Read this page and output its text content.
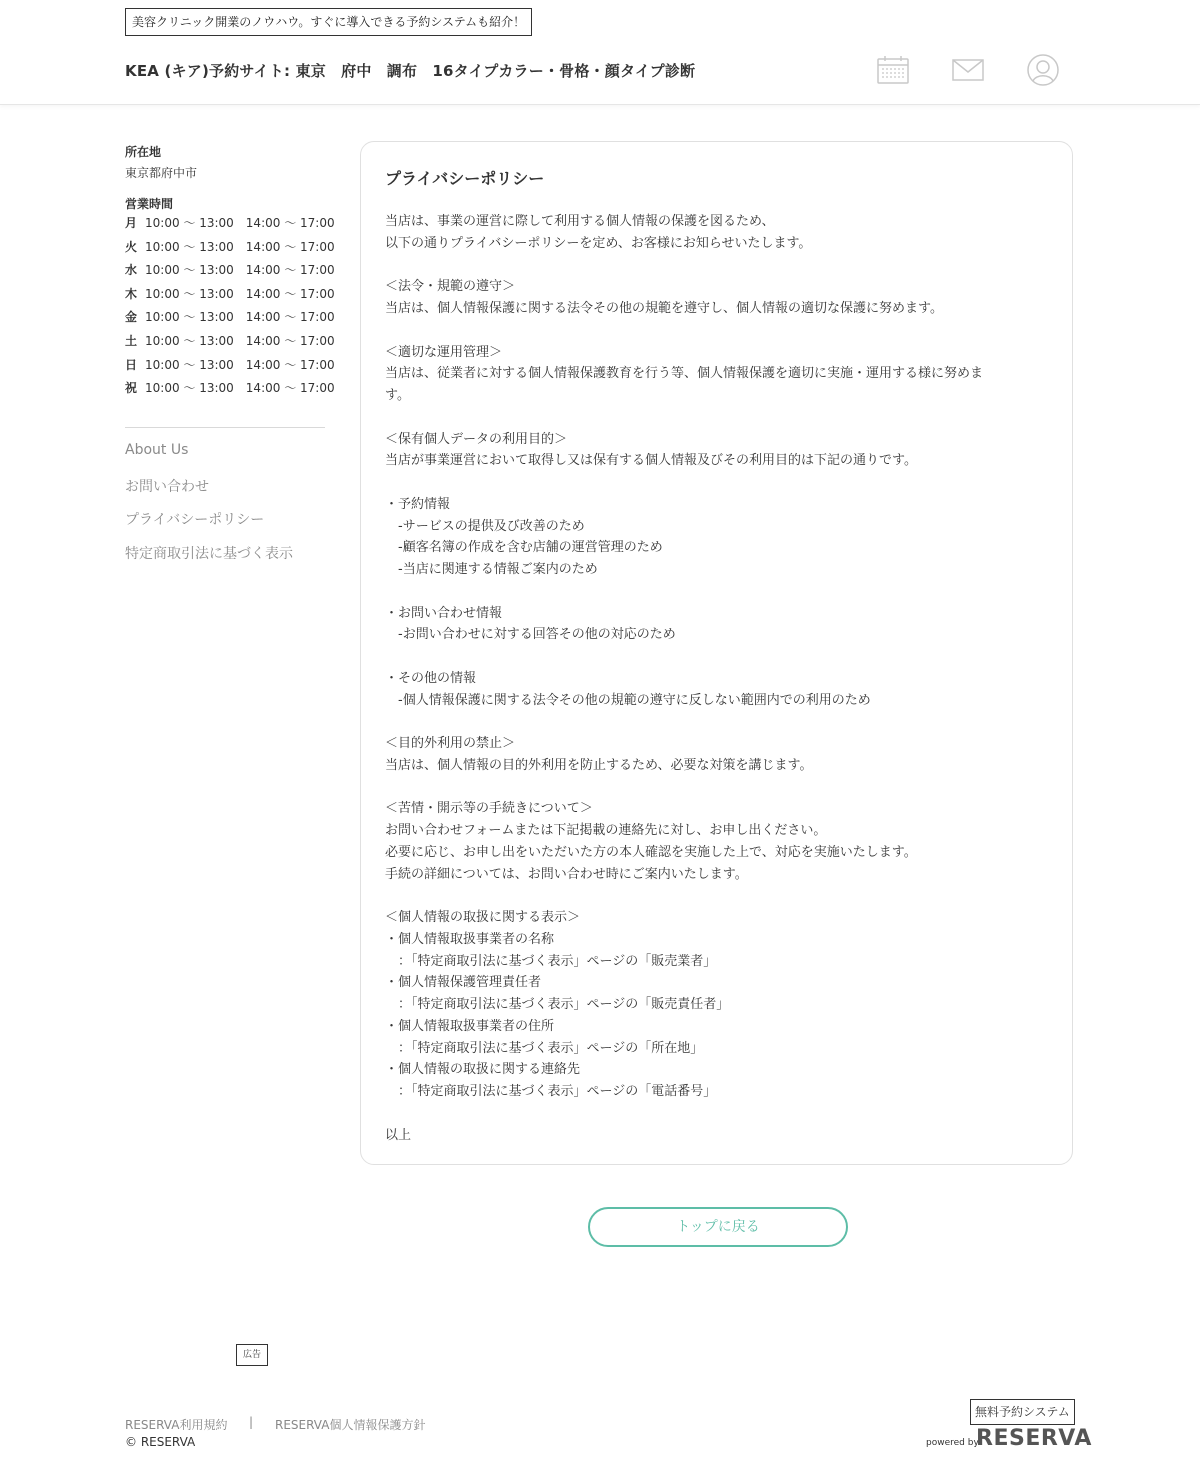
美容クリニック開業のノウハウ。すぐに導入できる予約システムも紹介！
KEA (キア)予約サイト: 東京　府中　調布　16タイプカラー・骨格・顔タイプ診断
所在地
東京都府中市
営業時間
月 10:00 〜 13:00　14:00 〜 17:00
火 10:00 〜 13:00　14:00 〜 17:00
水 10:00 〜 13:00　14:00 〜 17:00
木 10:00 〜 13:00　14:00 〜 17:00
金 10:00 〜 13:00　14:00 〜 17:00
土 10:00 〜 13:00　14:00 〜 17:00
日 10:00 〜 13:00　14:00 〜 17:00
祝 10:00 〜 13:00　14:00 〜 17:00
About Us
お問い合わせ
プライバシーポリシー
特定商取引法に基づく表示
プライバシーポリシー
当店は、事業の運営に際して利用する個人情報の保護を図るため、
以下の通りプライバシーポリシーを定め、お客様にお知らせいたします。

＜法令・規範の遵守＞
当店は、個人情報保護に関する法令その他の規範を遵守し、個人情報の適切な保護に努めます。

＜適切な運用管理＞
当店は、従業者に対する個人情報保護教育を行う等、個人情報保護を適切に実施・運用する様に努めま
す。

＜保有個人データの利用目的＞
当店が事業運営において取得し又は保有する個人情報及びその利用目的は下記の通りです。

・予約情報
　-サービスの提供及び改善のため
　-顧客名簿の作成を含む店舗の運営管理のため
　-当店に関連する情報ご案内のため

・お問い合わせ情報
　-お問い合わせに対する回答その他の対応のため

・その他の情報
　-個人情報保護に関する法令その他の規範の遵守に反しない範囲内での利用のため

＜目的外利用の禁止＞
当店は、個人情報の目的外利用を防止するため、必要な対策を講じます。

＜苦情・開示等の手続きについて＞
お問い合わせフォームまたは下記掲載の連絡先に対し、お申し出ください。
必要に応じ、お申し出をいただいた方の本人確認を実施した上で、対応を実施いたします。
手続の詳細については、お問い合わせ時にご案内いたします。

＜個人情報の取扱に関する表示＞
・個人情報取扱事業者の名称
　：「特定商取引法に基づく表示」ページの「販売業者」
・個人情報保護管理責任者
　：「特定商取引法に基づく表示」ページの「販売責任者」
・個人情報取扱事業者の住所
　：「特定商取引法に基づく表示」ページの「所在地」
・個人情報の取扱に関する連絡先
　：「特定商取引法に基づく表示」ページの「電話番号」

以上
トップに戻る
広告
RESERVA利用規約 | RESERVA個人情報保護方針
© RESERVA
無料予約システム
powered by
RESERVA
